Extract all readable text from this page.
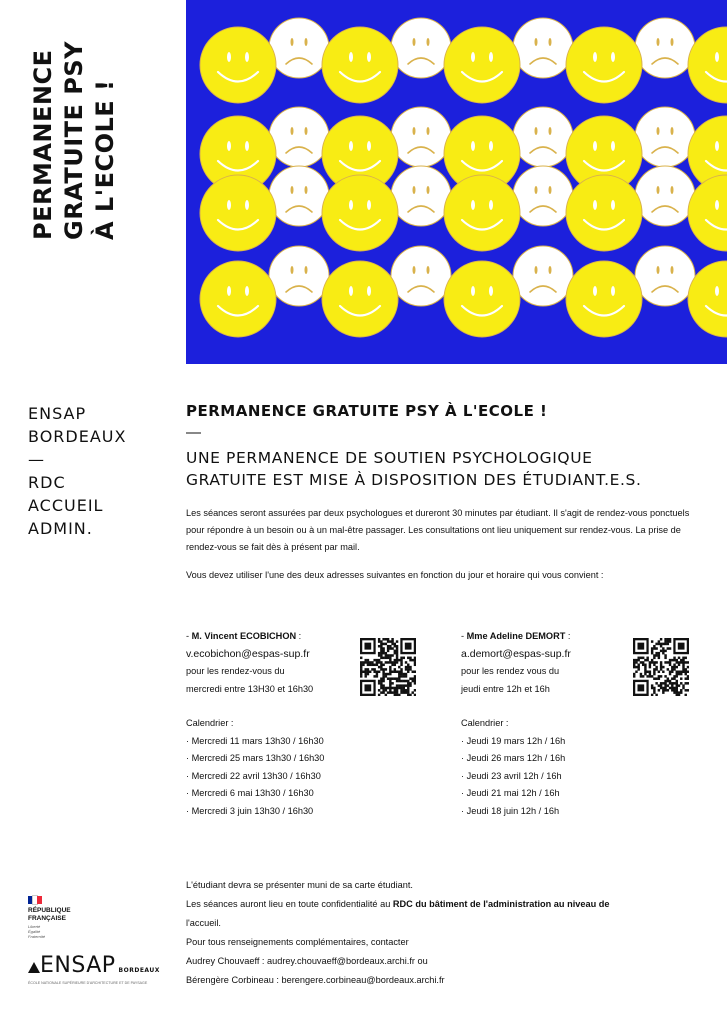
PERMANENCE GRATUITE PSY À L'ECOLE !
ENSAP
BORDEAUX
—
RDC
ACCUEIL
ADMIN.
PERMANENCE GRATUITE PSY À L'ECOLE !
—
UNE PERMANENCE DE SOUTIEN PSYCHOLOGIQUE
GRATUITE EST MISE À DISPOSITION DES ÉTUDIANT.E.S.
Les séances seront assurées par deux psychologues et dureront 30 minutes par étudiant. Il s'agit de rendez-vous ponctuels pour répondre à un besoin ou à un mal-être passager. Les consultations ont lieu uniquement sur rendez-vous. La prise de rendez-vous se fait dès à présent par mail.
Vous devez utiliser l'une des deux adresses suivantes en fonction du jour et horaire qui vous convient :
- M. Vincent ECOBICHON :
v.ecobichon@espas-sup.fr
pour les rendez-vous du
mercredi entre 13H30 et 16h30
Calendrier :
· Mercredi 11 mars 13h30 / 16h30
· Mercredi 25 mars 13h30 / 16h30
· Mercredi 22 avril 13h30 / 16h30
· Mercredi 6 mai 13h30 / 16h30
· Mercredi 3 juin 13h30 / 16h30
- Mme Adeline DEMORT :
a.demort@espas-sup.fr
pour les rendez vous du
jeudi entre 12h et 16h
Calendrier :
· Jeudi 19 mars 12h / 16h
· Jeudi 26 mars 12h / 16h
· Jeudi 23 avril 12h / 16h
· Jeudi 21 mai 12h / 16h
· Jeudi 18 juin 12h / 16h
L'étudiant devra se présenter muni de sa carte étudiant.
Les séances auront lieu en toute confidentialité au RDC du bâtiment de l'administration au niveau de
l'accueil.
Pour tous renseignements complémentaires, contacter
Audrey Chouvaeff : audrey.chouvaeff@bordeaux.archi.fr ou
Bérengère Corbineau : berengere.corbineau@bordeaux.archi.fr
RÉPUBLIQUE
FRANÇAISE
Liberté
Égalité
Fraternité
ENSAP BORDEAUX
ÉCOLE NATIONALE SUPÉRIEURE D'ARCHITECTURE ET DE PAYSAGE
